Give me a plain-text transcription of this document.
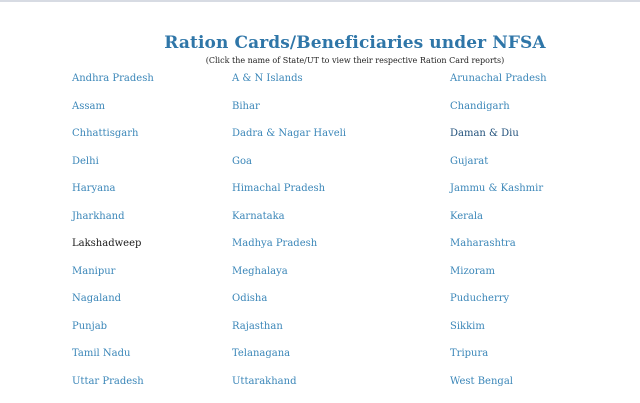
Ration Cards/Beneficiaries under NFSA
(Click the name of State/UT to view their respective Ration Card reports)
Andhra Pradesh	A & N Islands	Arunachal Pradesh
Assam	Bihar	Chandigarh
Chhattisgarh	Dadra & Nagar Haveli	Daman & Diu
Delhi	Goa	Gujarat
Haryana	Himachal Pradesh	Jammu & Kashmir
Jharkhand	Karnataka	Kerala
Lakshadweep	Madhya Pradesh	Maharashtra
Manipur	Meghalaya	Mizoram
Nagaland	Odisha	Puducherry
Punjab	Rajasthan	Sikkim
Tamil Nadu	Telanagana	Tripura
Uttar Pradesh	Uttarakhand	West Bengal
